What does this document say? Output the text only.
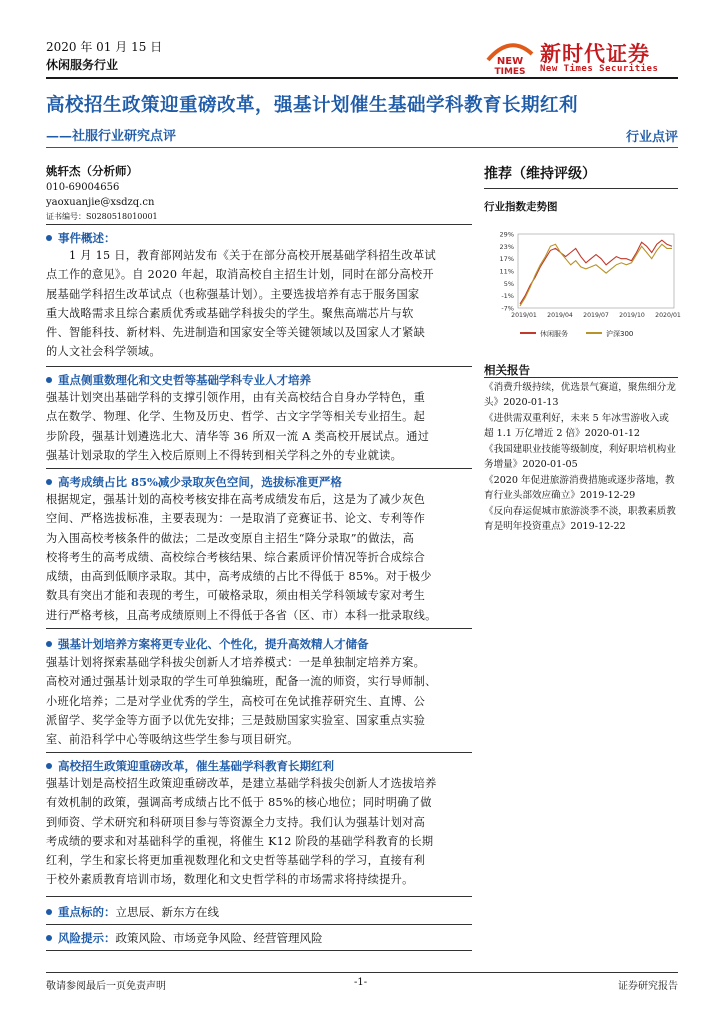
2020 年 01 月 15 日
休闲服务行业	NEW
TIMES
新时代证券
New Times Securities
高校招生政策迎重磅改革，强基计划催生基础学科教育长期红利
——社服行业研究点评	行业点评
姚轩杰（分析师）
010-69004656
yaoxuanjie@xsdzq.cn
证书编号：S0280518010001
事件概述：
　　1 月 15 日，教育部网站发布《关于在部分高校开展基础学科招生改革试
点工作的意见》。自 2020 年起，取消高校自主招生计划，同时在部分高校开
展基础学科招生改革试点（也称强基计划）。主要选拔培养有志于服务国家
重大战略需求且综合素质优秀或基础学科拔尖的学生。聚焦高端芯片与软
件、智能科技、新材料、先进制造和国家安全等关键领域以及国家人才紧缺
的人文社会科学领域。
重点侧重数理化和文史哲等基础学科专业人才培养
强基计划突出基础学科的支撑引领作用，由有关高校结合自身办学特色，重
点在数学、物理、化学、生物及历史、哲学、古文字学等相关专业招生。起
步阶段，强基计划遴选北大、清华等 36 所双一流 A 类高校开展试点。通过
强基计划录取的学生入校后原则上不得转到相关学科之外的专业就读。
高考成绩占比 85%减少录取灰色空间，选拔标准更严格
根据规定，强基计划的高校考核安排在高考成绩发布后，这是为了减少灰色
空间、严格选拔标准，主要表现为：一是取消了竞赛证书、论文、专利等作
为入围高校考核条件的做法；二是改变原自主招生“降分录取”的做法，高
校将考生的高考成绩、高校综合考核结果、综合素质评价情况等折合成综合
成绩，由高到低顺序录取。其中，高考成绩的占比不得低于 85%。对于极少
数具有突出才能和表现的考生，可破格录取，须由相关学科领域专家对考生
进行严格考核，且高考成绩原则上不得低于各省（区、市）本科一批录取线。
强基计划培养方案将更专业化、个性化，提升高效精人才储备
强基计划将探索基础学科拔尖创新人才培养模式：一是单独制定培养方案。
高校对通过强基计划录取的学生可单独编班，配备一流的师资，实行导师制、
小班化培养；二是对学业优秀的学生，高校可在免试推荐研究生、直博、公
派留学、奖学金等方面予以优先安排；三是鼓励国家实验室、国家重点实验
室、前沿科学中心等吸纳这些学生参与项目研究。
高校招生政策迎重磅改革，催生基础学科教育长期红利
强基计划是高校招生政策迎重磅改革，是建立基础学科拔尖创新人才选拔培养
有效机制的政策，强调高考成绩占比不低于 85%的核心地位；同时明确了做
到师资、学术研究和科研项目参与等资源全力支持。我们认为强基计划对高
考成绩的要求和对基础科学的重视，将催生 K12 阶段的基础学科教育的长期
红利，学生和家长将更加重视数理化和文史哲等基础学科的学习，直接有利
于校外素质教育培训市场，数理化和文史哲学科的市场需求将持续提升。
重点标的：立思辰、新东方在线
风险提示：政策风险、市场竞争风险、经营管理风险
推荐（维持评级）
行业指数走势图
29%
23%
17%
11%
5%
-1%
-7%
2019/01 2019/04 2019/07 2019/10 2020/01
休闲服务	沪深300
相关报告
《消费升级持续，优选景气赛道，聚焦细分龙头》2020-01-13
《进供需双重利好，未来 5 年冰雪游收入或超 1.1 万亿增近 2 倍》2020-01-12
《我国建职业技能等级制度，利好职培机构业务增量》2020-01-05
《2020 年促进旅游消费措施或逐步落地，教育行业头部效应确立》2019-12-29
《反向春运促城市旅游淡季不淡，职教素质教育是明年投资重点》2019-12-22
敬请参阅最后一页免责声明	-1-	证券研究报告
